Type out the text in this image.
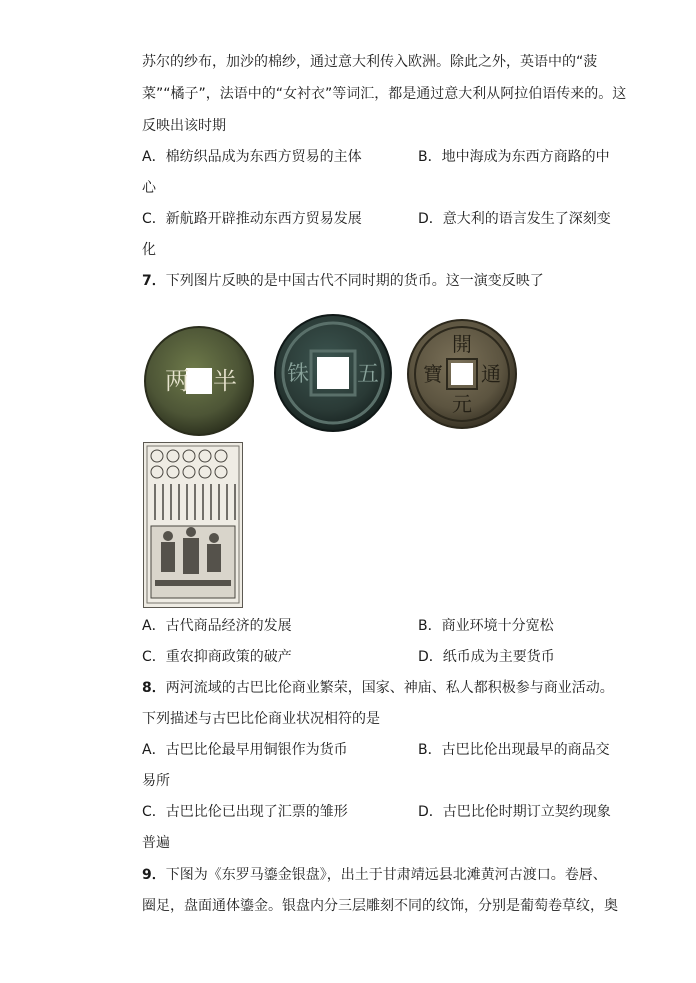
苏尔的纱布，加沙的棉纱，通过意大利传入欧洲。除此之外，英语中的“菠
菜”“橘子”，法语中的“女衬衣”等词汇，都是通过意大利从阿拉伯语传来的。这
反映出该时期
A．棉纺织品成为东西方贸易的主体	B．地中海成为东西方商路的中
心
C．新航路开辟推动东西方贸易发展	D．意大利的语言发生了深刻变
化
7．下列图片反映的是中国古代不同时期的货币。这一演变反映了
两 半 铢 五
開
通
元
寶
A．古代商品经济的发展	B．商业环境十分宽松
C．重农抑商政策的破产	D．纸币成为主要货币
8．两河流域的古巴比伦商业繁荣，国家、神庙、私人都积极参与商业活动。
下列描述与古巴比伦商业状况相符的是
A．古巴比伦最早用铜银作为货币	B．古巴比伦出现最早的商品交
易所
C．古巴比伦已出现了汇票的雏形	D．古巴比伦时期订立契约现象
普遍
9．下图为《东罗马鎏金银盘》，出土于甘肃靖远县北滩黄河古渡口。卷唇、
圈足，盘面通体鎏金。银盘内分三层雕刻不同的纹饰，分别是葡萄卷草纹，奥
